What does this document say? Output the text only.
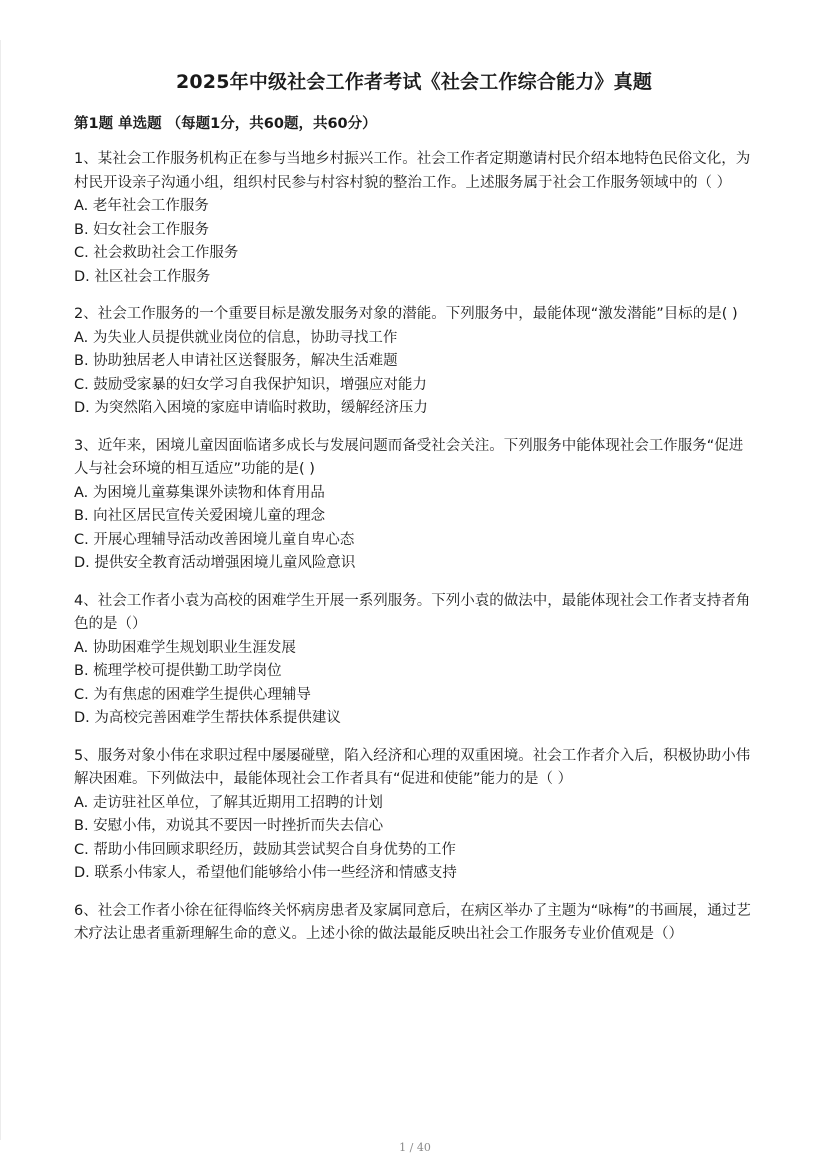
2025年中级社会工作者考试《社会工作综合能力》真题
第1题 单选题 （每题1分，共60题，共60分）

1、某社会工作服务机构正在参与当地乡村振兴工作。社会工作者定期邀请村民介绍本地特色民俗文化，为村民开设亲子沟通小组，组织村民参与村容村貌的整治工作。上述服务属于社会工作服务领域中的（ ）

A. 老年社会工作服务
B. 妇女社会工作服务
C. 社会救助社会工作服务
D. 社区社会工作服务

2、社会工作服务的一个重要目标是激发服务对象的潜能。下列服务中，最能体现“激发潜能”目标的是( )

A. 为失业人员提供就业岗位的信息，协助寻找工作
B. 协助独居老人申请社区送餐服务，解决生活难题
C. 鼓励受家暴的妇女学习自我保护知识，增强应对能力
D. 为突然陷入困境的家庭申请临时救助，缓解经济压力

3、近年来，困境儿童因面临诸多成长与发展问题而备受社会关注。下列服务中能体现社会工作服务“促进人与社会环境的相互适应”功能的是( )

A. 为困境儿童募集课外读物和体育用品
B. 向社区居民宣传关爱困境儿童的理念
C. 开展心理辅导活动改善困境儿童自卑心态
D. 提供安全教育活动增强困境儿童风险意识

4、社会工作者小袁为高校的困难学生开展一系列服务。下列小袁的做法中，最能体现社会工作者支持者角色的是（）

A. 协助困难学生规划职业生涯发展
B. 梳理学校可提供勤工助学岗位
C. 为有焦虑的困难学生提供心理辅导
D. 为高校完善困难学生帮扶体系提供建议

5、服务对象小伟在求职过程中屡屡碰壁，陷入经济和心理的双重困境。社会工作者介入后，积极协助小伟解决困难。下列做法中，最能体现社会工作者具有“促进和使能”能力的是（ ）

A. 走访驻社区单位，了解其近期用工招聘的计划
B. 安慰小伟，劝说其不要因一时挫折而失去信心
C. 帮助小伟回顾求职经历，鼓励其尝试契合自身优势的工作
D. 联系小伟家人，希望他们能够给小伟一些经济和情感支持

6、社会工作者小徐在征得临终关怀病房患者及家属同意后，在病区举办了主题为“咏梅”的书画展，通过艺术疗法让患者重新理解生命的意义。上述小徐的做法最能反映出社会工作服务专业价值观是（）

1 / 40
